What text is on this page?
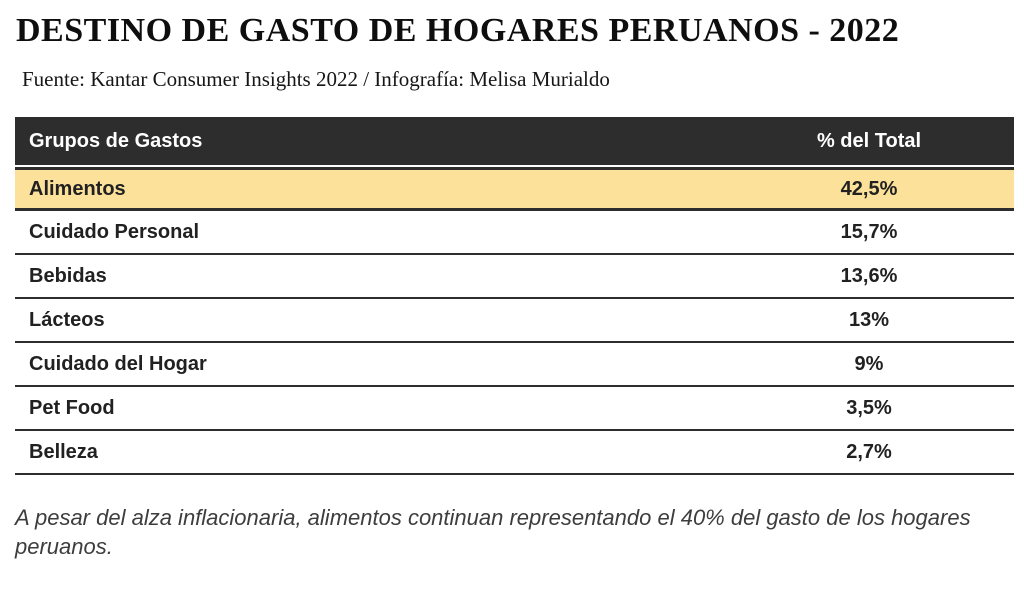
DESTINO DE GASTO DE HOGARES PERUANOS - 2022
Fuente: Kantar Consumer Insights 2022 / Infografía: Melisa Murialdo
Grupos de Gastos	% del Total
Alimentos	42,5%
Cuidado Personal	15,7%
Bebidas	13,6%
Lácteos	13%
Cuidado del Hogar	9%
Pet Food	3,5%
Belleza	2,7%
A pesar del alza inflacionaria, alimentos continuan representando el 40% del gasto de los hogares peruanos.
